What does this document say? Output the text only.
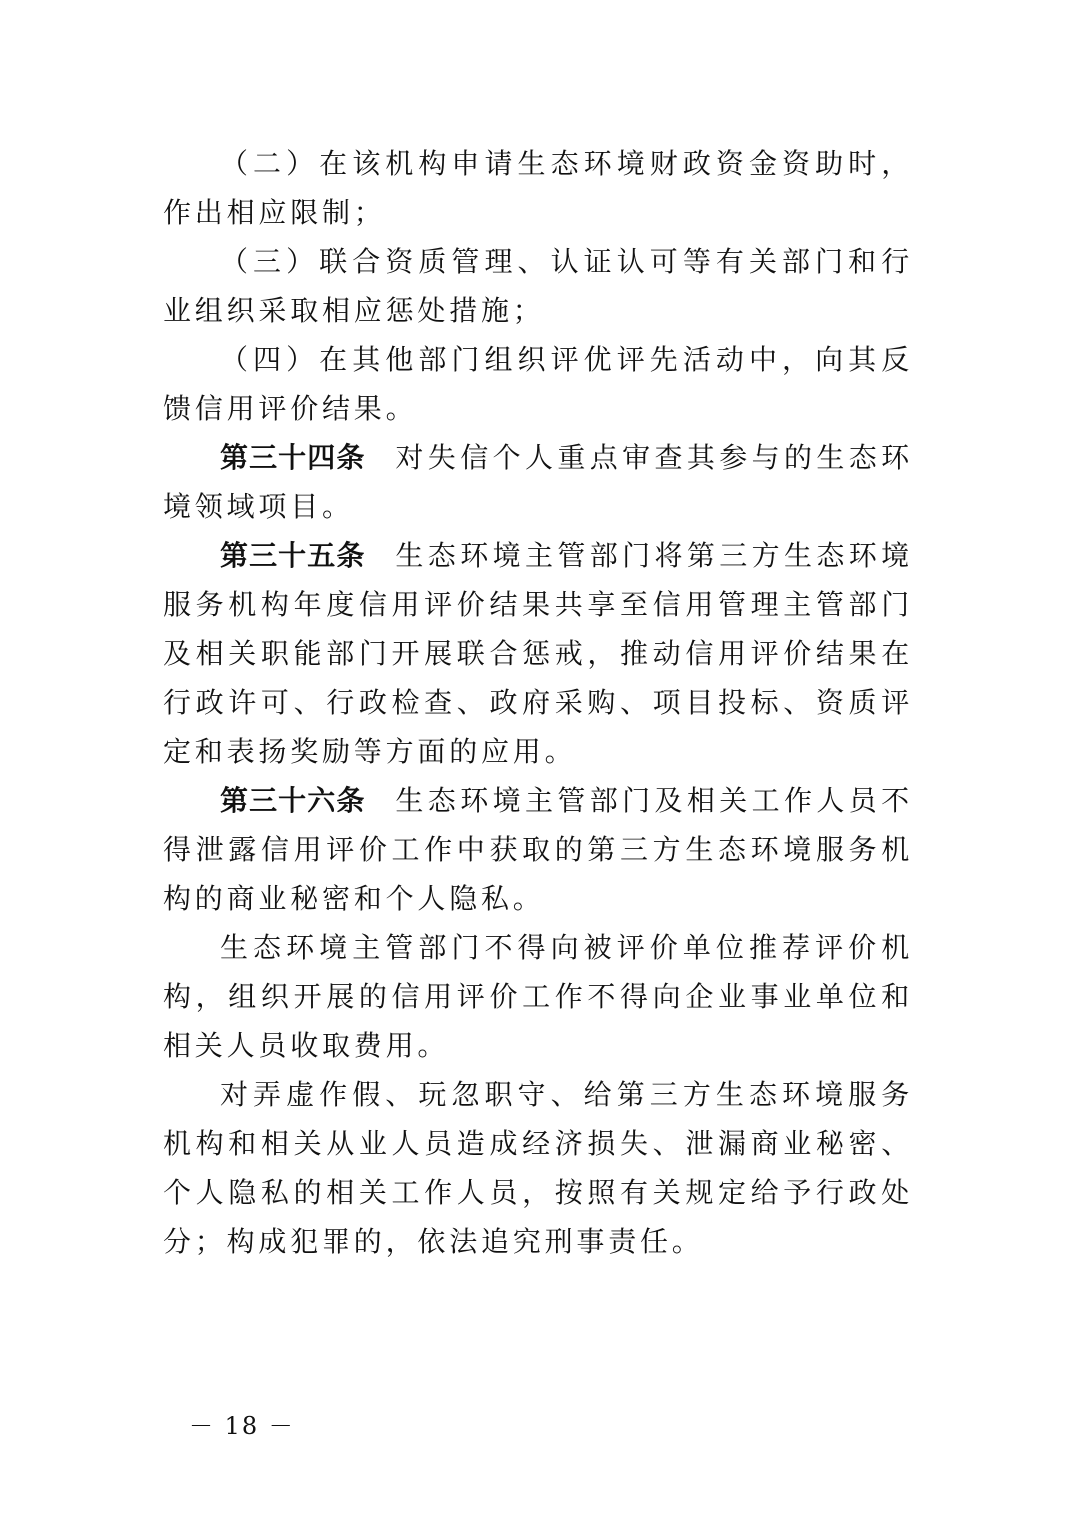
（二）在该机构申请生态环境财政资金资助时，作出相应限制；

（三）联合资质管理、认证认可等有关部门和行业组织采取相应惩处措施；

（四）在其他部门组织评优评先活动中，向其反馈信用评价结果。

第三十四条 对失信个人重点审查其参与的生态环境领域项目。

第三十五条 生态环境主管部门将第三方生态环境服务机构年度信用评价结果共享至信用管理主管部门及相关职能部门开展联合惩戒，推动信用评价结果在行政许可、行政检查、政府采购、项目投标、资质评定和表扬奖励等方面的应用。

第三十六条 生态环境主管部门及相关工作人员不得泄露信用评价工作中获取的第三方生态环境服务机构的商业秘密和个人隐私。

生态环境主管部门不得向被评价单位推荐评价机构，组织开展的信用评价工作不得向企业事业单位和相关人员收取费用。

对弄虚作假、玩忽职守、给第三方生态环境服务机构和相关从业人员造成经济损失、泄漏商业秘密、个人隐私的相关工作人员，按照有关规定给予行政处分；构成犯罪的，依法追究刑事责任。

－ 18 －
